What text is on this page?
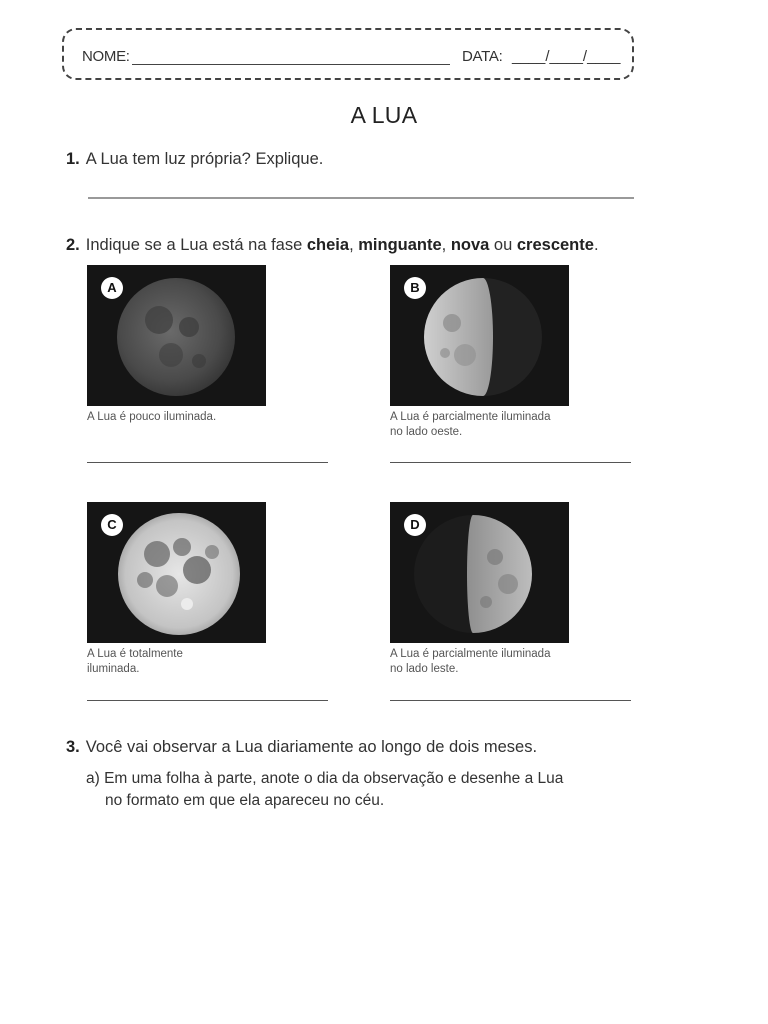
NOME:	DATA: ____/____/____
A LUA
1. A Lua tem luz própria? Explique.
2. Indique se a Lua está na fase cheia, minguante, nova ou crescente.
A	B
A Lua é pouco iluminada.	A Lua é parcialmente iluminada
no lado oeste.
C	D
A Lua é totalmente
iluminada.
A Lua é parcialmente iluminada
no lado leste.
3. Você vai observar a Lua diariamente ao longo de dois meses.
a) Em uma folha à parte, anote o dia da observação e desenhe a Lua
no formato em que ela apareceu no céu.
